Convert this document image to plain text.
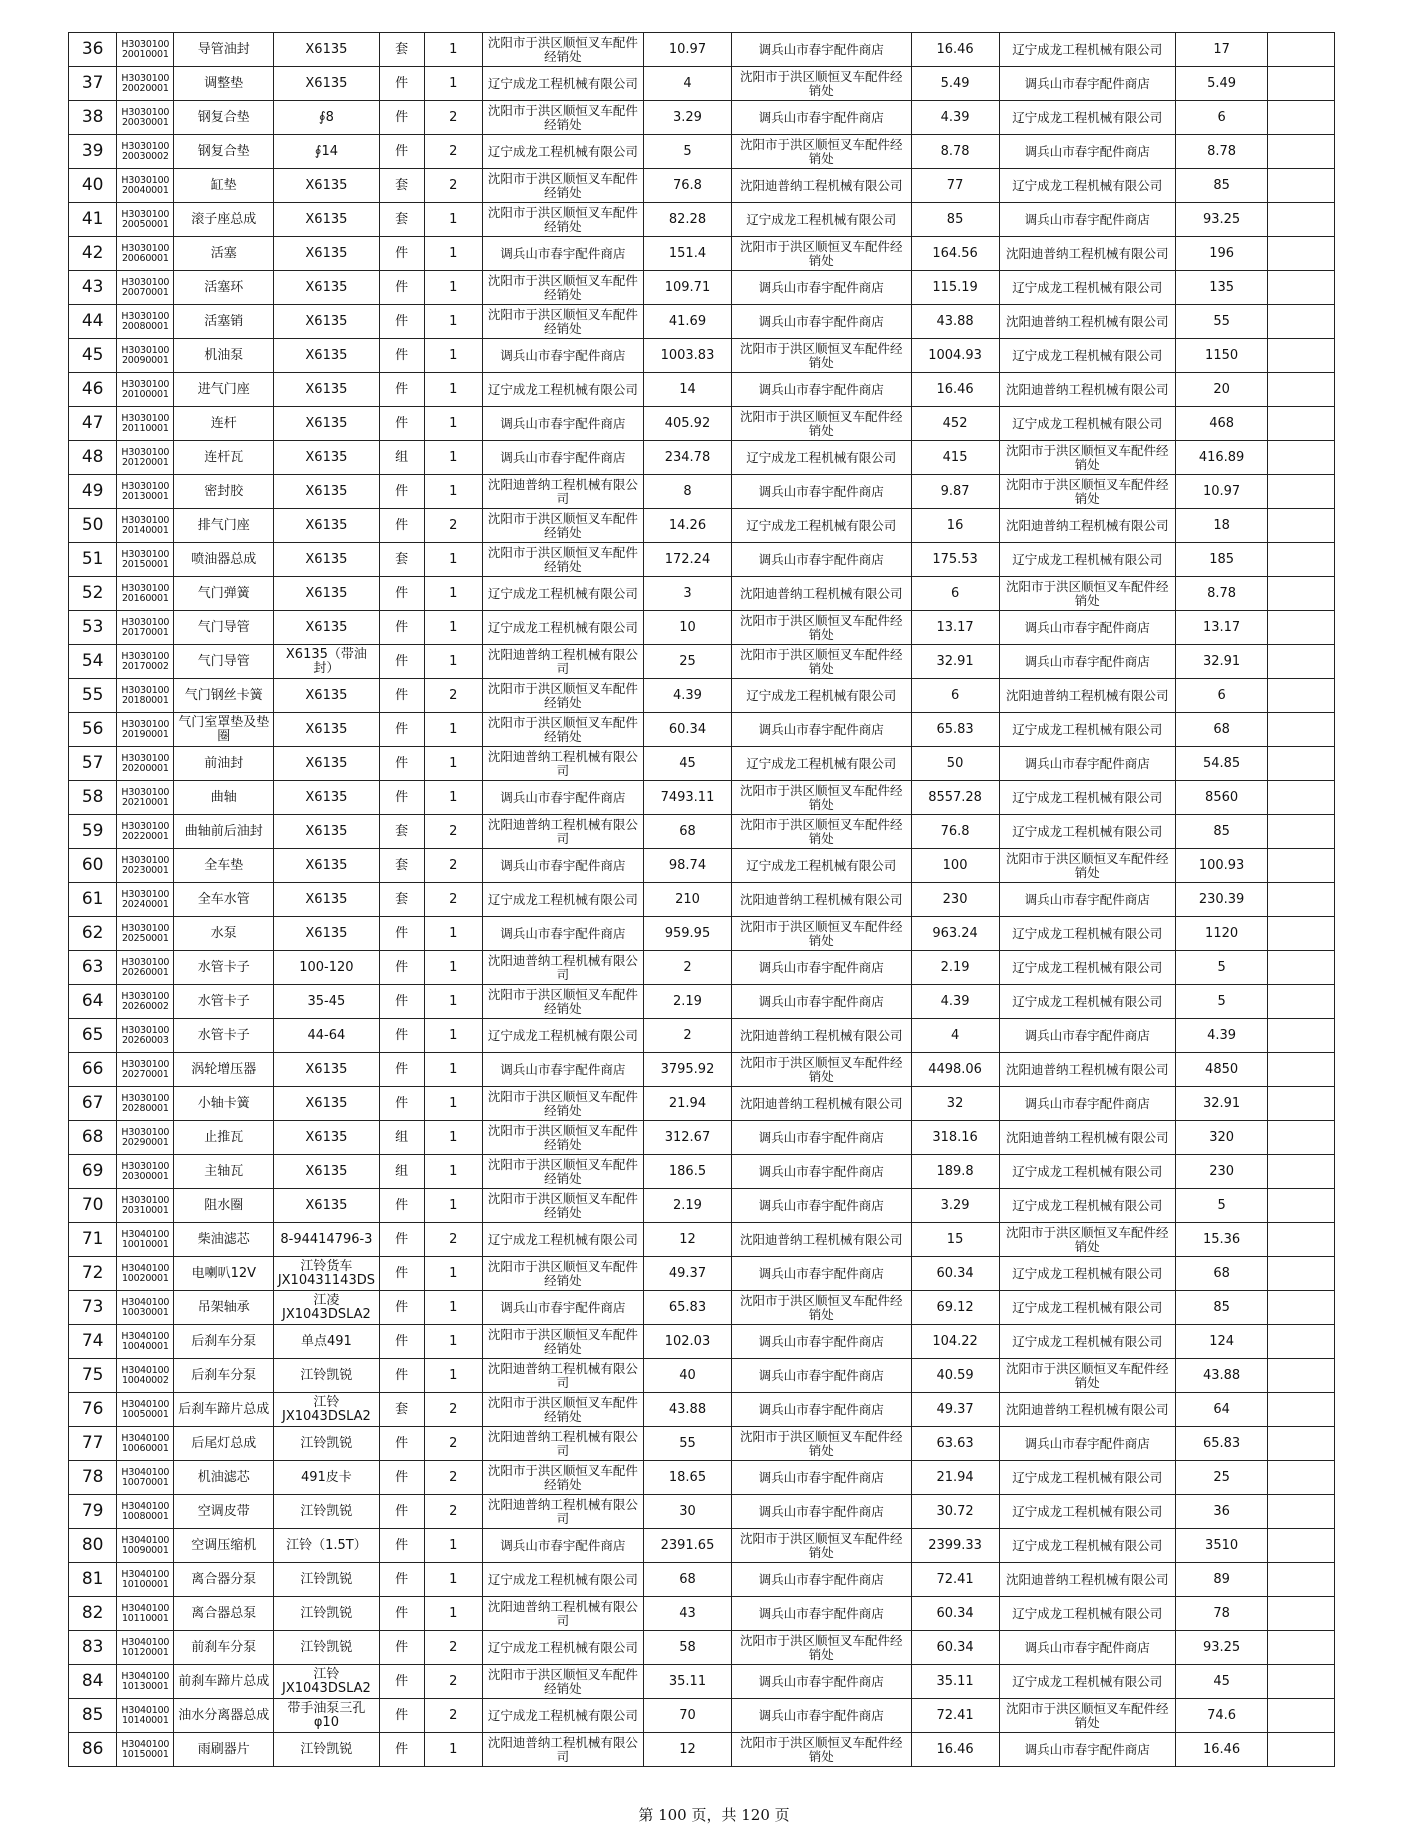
36	H3030100 20010001	导管油封	X6135	套	1	沈阳市于洪区顺恒叉车配件经销处	10.97	调兵山市春宇配件商店	16.46	辽宁成龙工程机械有限公司	17	
37	H3030100 20020001	调整垫	X6135	件	1	辽宁成龙工程机械有限公司	4	沈阳市于洪区顺恒叉车配件经销处	5.49	调兵山市春宇配件商店	5.49	
38	H3030100 20030001	钢复合垫	∮8	件	2	沈阳市于洪区顺恒叉车配件经销处	3.29	调兵山市春宇配件商店	4.39	辽宁成龙工程机械有限公司	6	
39	H3030100 20030002	钢复合垫	∮14	件	2	辽宁成龙工程机械有限公司	5	沈阳市于洪区顺恒叉车配件经销处	8.78	调兵山市春宇配件商店	8.78	
40	H3030100 20040001	缸垫	X6135	套	2	沈阳市于洪区顺恒叉车配件经销处	76.8	沈阳迪普纳工程机械有限公司	77	辽宁成龙工程机械有限公司	85	
41	H3030100 20050001	滚子座总成	X6135	套	1	沈阳市于洪区顺恒叉车配件经销处	82.28	辽宁成龙工程机械有限公司	85	调兵山市春宇配件商店	93.25	
42	H3030100 20060001	活塞	X6135	件	1	调兵山市春宇配件商店	151.4	沈阳市于洪区顺恒叉车配件经销处	164.56	沈阳迪普纳工程机械有限公司	196	
43	H3030100 20070001	活塞环	X6135	件	1	沈阳市于洪区顺恒叉车配件经销处	109.71	调兵山市春宇配件商店	115.19	辽宁成龙工程机械有限公司	135	
44	H3030100 20080001	活塞销	X6135	件	1	沈阳市于洪区顺恒叉车配件经销处	41.69	调兵山市春宇配件商店	43.88	沈阳迪普纳工程机械有限公司	55	
45	H3030100 20090001	机油泵	X6135	件	1	调兵山市春宇配件商店	1003.83	沈阳市于洪区顺恒叉车配件经销处	1004.93	辽宁成龙工程机械有限公司	1150	
46	H3030100 20100001	进气门座	X6135	件	1	辽宁成龙工程机械有限公司	14	调兵山市春宇配件商店	16.46	沈阳迪普纳工程机械有限公司	20	
47	H3030100 20110001	连杆	X6135	件	1	调兵山市春宇配件商店	405.92	沈阳市于洪区顺恒叉车配件经销处	452	辽宁成龙工程机械有限公司	468	
48	H3030100 20120001	连杆瓦	X6135	组	1	调兵山市春宇配件商店	234.78	辽宁成龙工程机械有限公司	415	沈阳市于洪区顺恒叉车配件经销处	416.89	
49	H3030100 20130001	密封胶	X6135	件	1	沈阳迪普纳工程机械有限公司	8	调兵山市春宇配件商店	9.87	沈阳市于洪区顺恒叉车配件经销处	10.97	
50	H3030100 20140001	排气门座	X6135	件	2	沈阳市于洪区顺恒叉车配件经销处	14.26	辽宁成龙工程机械有限公司	16	沈阳迪普纳工程机械有限公司	18	
51	H3030100 20150001	喷油器总成	X6135	套	1	沈阳市于洪区顺恒叉车配件经销处	172.24	调兵山市春宇配件商店	175.53	辽宁成龙工程机械有限公司	185	
52	H3030100 20160001	气门弹簧	X6135	件	1	辽宁成龙工程机械有限公司	3	沈阳迪普纳工程机械有限公司	6	沈阳市于洪区顺恒叉车配件经销处	8.78	
53	H3030100 20170001	气门导管	X6135	件	1	辽宁成龙工程机械有限公司	10	沈阳市于洪区顺恒叉车配件经销处	13.17	调兵山市春宇配件商店	13.17	
54	H3030100 20170002	气门导管	X6135（带油封）	件	1	沈阳迪普纳工程机械有限公司	25	沈阳市于洪区顺恒叉车配件经销处	32.91	调兵山市春宇配件商店	32.91	
55	H3030100 20180001	气门钢丝卡簧	X6135	件	2	沈阳市于洪区顺恒叉车配件经销处	4.39	辽宁成龙工程机械有限公司	6	沈阳迪普纳工程机械有限公司	6	
56	H3030100 20190001	气门室罩垫及垫圈	X6135	件	1	沈阳市于洪区顺恒叉车配件经销处	60.34	调兵山市春宇配件商店	65.83	辽宁成龙工程机械有限公司	68	
57	H3030100 20200001	前油封	X6135	件	1	沈阳迪普纳工程机械有限公司	45	辽宁成龙工程机械有限公司	50	调兵山市春宇配件商店	54.85	
58	H3030100 20210001	曲轴	X6135	件	1	调兵山市春宇配件商店	7493.11	沈阳市于洪区顺恒叉车配件经销处	8557.28	辽宁成龙工程机械有限公司	8560	
59	H3030100 20220001	曲轴前后油封	X6135	套	2	沈阳迪普纳工程机械有限公司	68	沈阳市于洪区顺恒叉车配件经销处	76.8	辽宁成龙工程机械有限公司	85	
60	H3030100 20230001	全车垫	X6135	套	2	调兵山市春宇配件商店	98.74	辽宁成龙工程机械有限公司	100	沈阳市于洪区顺恒叉车配件经销处	100.93	
61	H3030100 20240001	全车水管	X6135	套	2	辽宁成龙工程机械有限公司	210	沈阳迪普纳工程机械有限公司	230	调兵山市春宇配件商店	230.39	
62	H3030100 20250001	水泵	X6135	件	1	调兵山市春宇配件商店	959.95	沈阳市于洪区顺恒叉车配件经销处	963.24	辽宁成龙工程机械有限公司	1120	
63	H3030100 20260001	水管卡子	100-120	件	1	沈阳迪普纳工程机械有限公司	2	调兵山市春宇配件商店	2.19	辽宁成龙工程机械有限公司	5	
64	H3030100 20260002	水管卡子	35-45	件	1	沈阳市于洪区顺恒叉车配件经销处	2.19	调兵山市春宇配件商店	4.39	辽宁成龙工程机械有限公司	5	
65	H3030100 20260003	水管卡子	44-64	件	1	辽宁成龙工程机械有限公司	2	沈阳迪普纳工程机械有限公司	4	调兵山市春宇配件商店	4.39	
66	H3030100 20270001	涡轮增压器	X6135	件	1	调兵山市春宇配件商店	3795.92	沈阳市于洪区顺恒叉车配件经销处	4498.06	沈阳迪普纳工程机械有限公司	4850	
67	H3030100 20280001	小轴卡簧	X6135	件	1	沈阳市于洪区顺恒叉车配件经销处	21.94	沈阳迪普纳工程机械有限公司	32	调兵山市春宇配件商店	32.91	
68	H3030100 20290001	止推瓦	X6135	组	1	沈阳市于洪区顺恒叉车配件经销处	312.67	调兵山市春宇配件商店	318.16	沈阳迪普纳工程机械有限公司	320	
69	H3030100 20300001	主轴瓦	X6135	组	1	沈阳市于洪区顺恒叉车配件经销处	186.5	调兵山市春宇配件商店	189.8	辽宁成龙工程机械有限公司	230	
70	H3030100 20310001	阻水圈	X6135	件	1	沈阳市于洪区顺恒叉车配件经销处	2.19	调兵山市春宇配件商店	3.29	辽宁成龙工程机械有限公司	5	
71	H3040100 10010001	柴油滤芯	8-94414796-3	件	2	辽宁成龙工程机械有限公司	12	沈阳迪普纳工程机械有限公司	15	沈阳市于洪区顺恒叉车配件经销处	15.36	
72	H3040100 10020001	电喇叭12V	江铃货车JX10431143DS	件	1	沈阳市于洪区顺恒叉车配件经销处	49.37	调兵山市春宇配件商店	60.34	辽宁成龙工程机械有限公司	68	
73	H3040100 10030001	吊架轴承	江凌JX1043DSLA2	件	1	调兵山市春宇配件商店	65.83	沈阳市于洪区顺恒叉车配件经销处	69.12	辽宁成龙工程机械有限公司	85	
74	H3040100 10040001	后刹车分泵	单点491	件	1	沈阳市于洪区顺恒叉车配件经销处	102.03	调兵山市春宇配件商店	104.22	辽宁成龙工程机械有限公司	124	
75	H3040100 10040002	后刹车分泵	江铃凯锐	件	1	沈阳迪普纳工程机械有限公司	40	调兵山市春宇配件商店	40.59	沈阳市于洪区顺恒叉车配件经销处	43.88	
76	H3040100 10050001	后刹车蹄片总成	江铃JX1043DSLA2	套	2	沈阳市于洪区顺恒叉车配件经销处	43.88	调兵山市春宇配件商店	49.37	沈阳迪普纳工程机械有限公司	64	
77	H3040100 10060001	后尾灯总成	江铃凯锐	件	2	沈阳迪普纳工程机械有限公司	55	沈阳市于洪区顺恒叉车配件经销处	63.63	调兵山市春宇配件商店	65.83	
78	H3040100 10070001	机油滤芯	491皮卡	件	2	沈阳市于洪区顺恒叉车配件经销处	18.65	调兵山市春宇配件商店	21.94	辽宁成龙工程机械有限公司	25	
79	H3040100 10080001	空调皮带	江铃凯锐	件	2	沈阳迪普纳工程机械有限公司	30	调兵山市春宇配件商店	30.72	辽宁成龙工程机械有限公司	36	
80	H3040100 10090001	空调压缩机	江铃（1.5T）	件	1	调兵山市春宇配件商店	2391.65	沈阳市于洪区顺恒叉车配件经销处	2399.33	辽宁成龙工程机械有限公司	3510	
81	H3040100 10100001	离合器分泵	江铃凯锐	件	1	辽宁成龙工程机械有限公司	68	调兵山市春宇配件商店	72.41	沈阳迪普纳工程机械有限公司	89	
82	H3040100 10110001	离合器总泵	江铃凯锐	件	1	沈阳迪普纳工程机械有限公司	43	调兵山市春宇配件商店	60.34	辽宁成龙工程机械有限公司	78	
83	H3040100 10120001	前刹车分泵	江铃凯锐	件	2	辽宁成龙工程机械有限公司	58	沈阳市于洪区顺恒叉车配件经销处	60.34	调兵山市春宇配件商店	93.25	
84	H3040100 10130001	前刹车蹄片总成	江铃JX1043DSLA2	件	2	沈阳市于洪区顺恒叉车配件经销处	35.11	调兵山市春宇配件商店	35.11	辽宁成龙工程机械有限公司	45	
85	H3040100 10140001	油水分离器总成	带手油泵三孔φ10	件	2	辽宁成龙工程机械有限公司	70	调兵山市春宇配件商店	72.41	沈阳市于洪区顺恒叉车配件经销处	74.6	
86	H3040100 10150001	雨刷器片	江铃凯锐	件	1	沈阳迪普纳工程机械有限公司	12	沈阳市于洪区顺恒叉车配件经销处	16.46	调兵山市春宇配件商店	16.46	
第 100 页，共 120 页
